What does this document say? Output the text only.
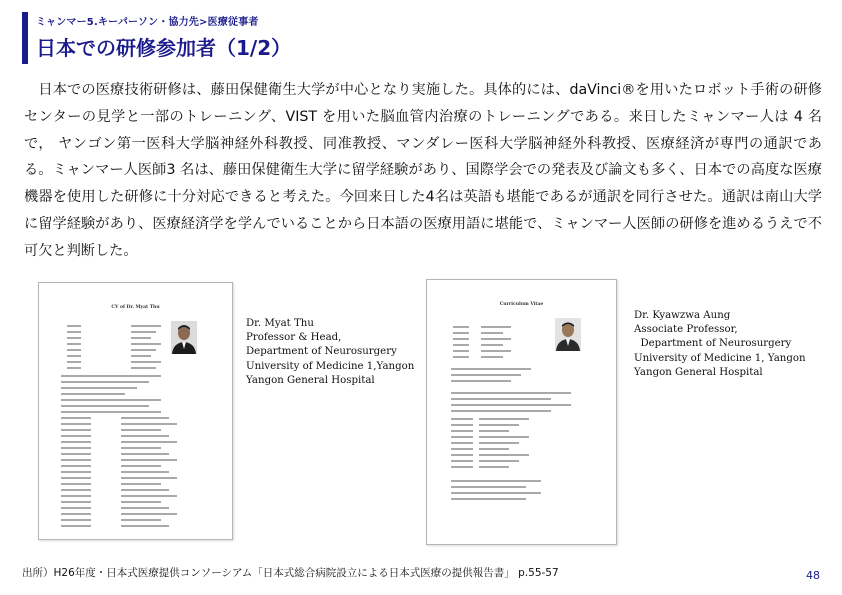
ミャンマー5.キーパーソン・協力先>医療従事者
日本での研修参加者（1/2）

　日本での医療技術研修は、藤田保健衛生大学が中心となり実施した。具体的には、daVinci®を用いたロボット手術の研修センターの見学と一部のトレーニング、VIST を用いた脳血管内治療のトレーニングである。来日したミャンマー人は 4 名で， ヤンゴン第一医科大学脳神経外科教授、同准教授、マンダレー医科大学脳神経外科教授、医療経済が専門の通訳である。ミャンマー人医師3 名は、藤田保健衛生大学に留学経験があり、国際学会での発表及び論文も多く、日本での高度な医療機器を使用した研修に十分対応できると考えた。今回来日した4名は英語も堪能であるが通訳を同行させた。通訳は南山大学に留学経験があり、医療経済学を学んでいることから日本語の医療用語に堪能で、ミャンマー人医師の研修を進めるうえで不可欠と判断した。

CV of Dr. Myat Thu
Curriculum Vitae
Dr. Myat Thu
Professor & Head,
Department of Neurosurgery
University of Medicine 1,Yangon
Yangon General Hospital
Dr. Kyawzwa Aung
Associate Professor,
Department of Neurosurgery
University of Medicine 1, Yangon
Yangon General Hospital
出所）H26年度・日本式医療提供コンソーシアム「日本式総合病院設立による日本式医療の提供報告書」 p.55-57	48
